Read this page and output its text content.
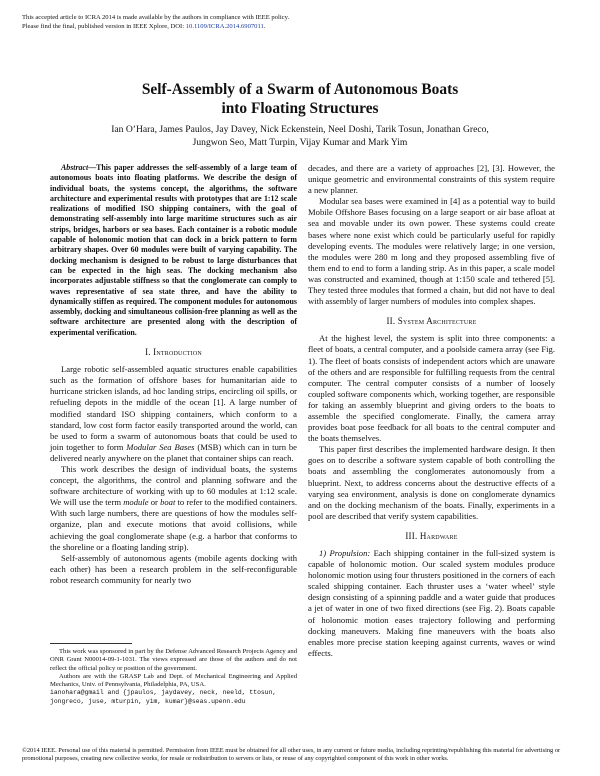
This accepted article to ICRA 2014 is made available by the authors in compliance with IEEE policy.
Please find the final, published version in IEEE Xplore, DOI: 10.1109/ICRA.2014.6907011.
Self-Assembly of a Swarm of Autonomous Boats
into Floating Structures
Ian O’Hara, James Paulos, Jay Davey, Nick Eckenstein, Neel Doshi, Tarik Tosun, Jonathan Greco,
Jungwon Seo, Matt Turpin, Vijay Kumar and Mark Yim

Abstract—This paper addresses the self-assembly of a large team of autonomous boats into floating platforms. We describe the design of individual boats, the systems concept, the algorithms, the software architecture and experimental results with prototypes that are 1:12 scale realizations of modified ISO shipping containers, with the goal of demonstrating self-assembly into large maritime structures such as air strips, bridges, harbors or sea bases. Each container is a robotic module capable of holonomic motion that can dock in a brick pattern to form arbitrary shapes. Over 60 modules were built of varying capability. The docking mechanism is designed to be robust to large disturbances that can be expected in the high seas. The docking mechanism also incorporates adjustable stiffness so that the conglomerate can comply to waves representative of sea state three, and have the ability to dynamically stiffen as required. The component modules for autonomous assembly, docking and simultaneous collision-free planning as well as the software architecture are presented along with the description of experimental verification.

I. Introduction

Large robotic self-assembled aquatic structures enable capabilities such as the formation of offshore bases for humanitarian aide to hurricane stricken islands, ad hoc landing strips, encircling oil spills, or refueling depots in the middle of the ocean [1]. A large number of modified standard ISO shipping containers, which conform to a standard, low cost form factor easily transported around the world, can be used to form a swarm of autonomous boats that could be used to join together to form Modular Sea Bases (MSB) which can in turn be delivered nearly anywhere on the planet that container ships can reach.

This work describes the design of individual boats, the systems concept, the algorithms, the control and planning software and the software architecture of working with up to 60 modules at 1:12 scale. We will use the term module or boat to refer to the modified containers. With such large numbers, there are questions of how the modules self-organize, plan and execute motions that avoid collisions, while achieving the goal conglomerate shape (e.g. a harbor that conforms to the shoreline or a floating landing strip).

Self-assembly of autonomous agents (mobile agents docking with each other) has been a research problem in the self-reconfigurable robot research community for nearly two

This work was sponsored in part by the Defense Advanced Research Projects Agency and ONR Grant N00014-09-1-1031. The views expressed are those of the authors and do not reflect the official policy or position of the government.

Authors are with the GRASP Lab and Dept. of Mechanical Engineering and Applied Mechanics, Univ. of Pennsylvania, Philadelphia, PA, USA.

ianohara@gmail and {jpaulos, jaydavey, neck, neeld, ttosun, jongreco, juse, mturpin, yim, kumar}@seas.upenn.edu

decades, and there are a variety of approaches [2], [3]. However, the unique geometric and environmental constraints of this system require a new planner.

Modular sea bases were examined in [4] as a potential way to build Mobile Offshore Bases focusing on a large seaport or air base afloat at sea and movable under its own power. These systems could create bases where none exist which could be particularly useful for rapidly developing events. The modules were relatively large; in one version, the modules were 280 m long and they proposed assembling five of them end to end to form a landing strip. As in this paper, a scale model was constructed and examined, though at 1:150 scale and tethered [5]. They tested three modules that formed a chain, but did not have to deal with assembly of larger numbers of modules into complex shapes.

II. System Architecture

At the highest level, the system is split into three components: a fleet of boats, a central computer, and a poolside camera array (see Fig. 1). The fleet of boats consists of independent actors which are unaware of the others and are responsible for fulfilling requests from the central computer. The central computer consists of a number of loosely coupled software components which, working together, are responsible for taking an assembly blueprint and giving orders to the boats to assemble the specified conglomerate. Finally, the camera array provides boat pose feedback for all boats to the central computer and the boats themselves.

This paper first describes the implemented hardware design. It then goes on to describe a software system capable of both controlling the boats and assembling the conglomerates autonomously from a blueprint. Next, to address concerns about the destructive effects of a varying sea environment, analysis is done on conglomerate dynamics and on the docking mechanism of the boats. Finally, experiments in a pool are described that verify system capabilities.

III. Hardware

1) Propulsion: Each shipping container in the full-sized system is capable of holonomic motion. Our scaled system modules produce holonomic motion using four thrusters positioned in the corners of each scaled shipping container. Each thruster uses a ‘water wheel’ style design consisting of a spinning paddle and a water guide that produces a jet of water in one of two fixed directions (see Fig. 2). Boats capable of holonomic motion eases trajectory following and performing docking maneuvers. Making fine maneuvers with the boats also enables more precise station keeping against currents, waves or wind effects.

©2014 IEEE. Personal use of this material is permitted. Permission from IEEE must be obtained for all other uses, in any current or future media, including reprinting/republishing this material for advertising or promotional purposes, creating new collective works, for resale or redistribution to servers or lists, or reuse of any copyrighted component of this work in other works.
